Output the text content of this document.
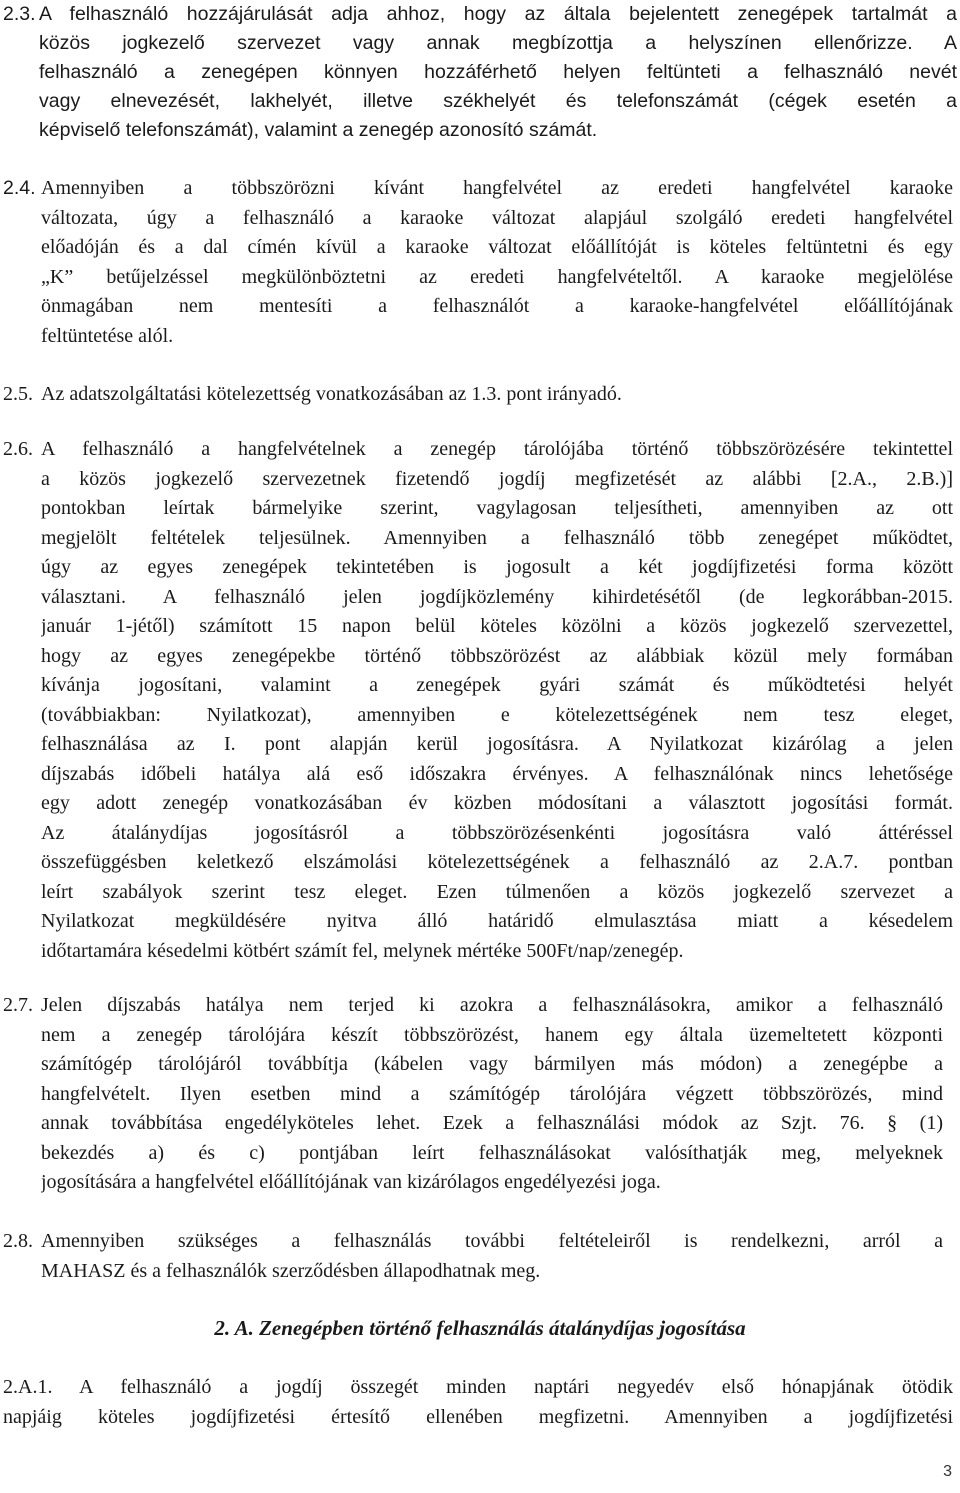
2.3. A felhasználó hozzájárulását adja ahhoz, hogy az általa bejelentett zenegépek tartalmát a
közös jogkezelő szervezet vagy annak megbízottja a helyszínen ellenőrizze. A
felhasználó a zenegépen könnyen hozzáférhető helyen feltünteti a felhasználó nevét
vagy elnevezését, lakhelyét, illetve székhelyét és telefonszámát (cégek esetén a
képviselő telefonszámát), valamint a zenegép azonosító számát.
2.4. Amennyiben a többszörözni kívánt hangfelvétel az eredeti hangfelvétel karaoke
változata, úgy a felhasználó a karaoke változat alapjául szolgáló eredeti hangfelvétel
előadóján és a dal címén kívül a karaoke változat előállítóját is köteles feltüntetni és egy
„K” betűjelzéssel megkülönböztetni az eredeti hangfelvételtől. A karaoke megjelölése
önmagában nem mentesíti a felhasználót a karaoke-hangfelvétel előállítójának
feltüntetése alól.
2.5. Az adatszolgáltatási kötelezettség vonatkozásában az 1.3. pont irányadó.
2.6. A felhasználó a hangfelvételnek a zenegép tárolójába történő többszörözésére tekintettel
a közös jogkezelő szervezetnek fizetendő jogdíj megfizetését az alábbi [2.A., 2.B.)]
pontokban leírtak bármelyike szerint, vagylagosan teljesítheti, amennyiben az ott
megjelölt feltételek teljesülnek. Amennyiben a felhasználó több zenegépet működtet,
úgy az egyes zenegépek tekintetében is jogosult a két jogdíjfizetési forma között
választani. A felhasználó jelen jogdíjközlemény kihirdetésétől (de legkorábban-2015.
január 1-jétől) számított 15 napon belül köteles közölni a közös jogkezelő szervezettel,
hogy az egyes zenegépekbe történő többszörözést az alábbiak közül mely formában
kívánja jogosítani, valamint a zenegépek gyári számát és működtetési helyét
(továbbiakban: Nyilatkozat), amennyiben e kötelezettségének nem tesz eleget,
felhasználása az I. pont alapján kerül jogosításra. A Nyilatkozat kizárólag a jelen
díjszabás időbeli hatálya alá eső időszakra érvényes. A felhasználónak nincs lehetősége
egy adott zenegép vonatkozásában év közben módosítani a választott jogosítási formát.
Az átalánydíjas jogosításról a többszörözésenkénti jogosításra való áttéréssel
összefüggésben keletkező elszámolási kötelezettségének a felhasználó az 2.A.7. pontban
leírt szabályok szerint tesz eleget. Ezen túlmenően a közös jogkezelő szervezet a
Nyilatkozat megküldésére nyitva álló határidő elmulasztása miatt a késedelem
időtartamára késedelmi kötbért számít fel, melynek mértéke 500Ft/nap/zenegép.
2.7. Jelen díjszabás hatálya nem terjed ki azokra a felhasználásokra, amikor a felhasználó
nem a zenegép tárolójára készít többszörözést, hanem egy általa üzemeltetett központi
számítógép tárolójáról továbbítja (kábelen vagy bármilyen más módon) a zenegépbe a
hangfelvételt. Ilyen esetben mind a számítógép tárolójára végzett többszörözés, mind
annak továbbítása engedélyköteles lehet. Ezek a felhasználási módok az Szjt. 76. § (1)
bekezdés a) és c) pontjában leírt felhasználásokat valósíthatják meg, melyeknek
jogosítására a hangfelvétel előállítójának van kizárólagos engedélyezési joga.
2.8. Amennyiben szükséges a felhasználás további feltételeiről is rendelkezni, arról a
MAHASZ és a felhasználók szerződésben állapodhatnak meg.
2. A. Zenegépben történő felhasználás átalánydíjas jogosítása
2.A.1. A felhasználó a jogdíj összegét minden naptári negyedév első hónapjának ötödik
napjáig köteles jogdíjfizetési értesítő ellenében megfizetni. Amennyiben a jogdíjfizetési
3
